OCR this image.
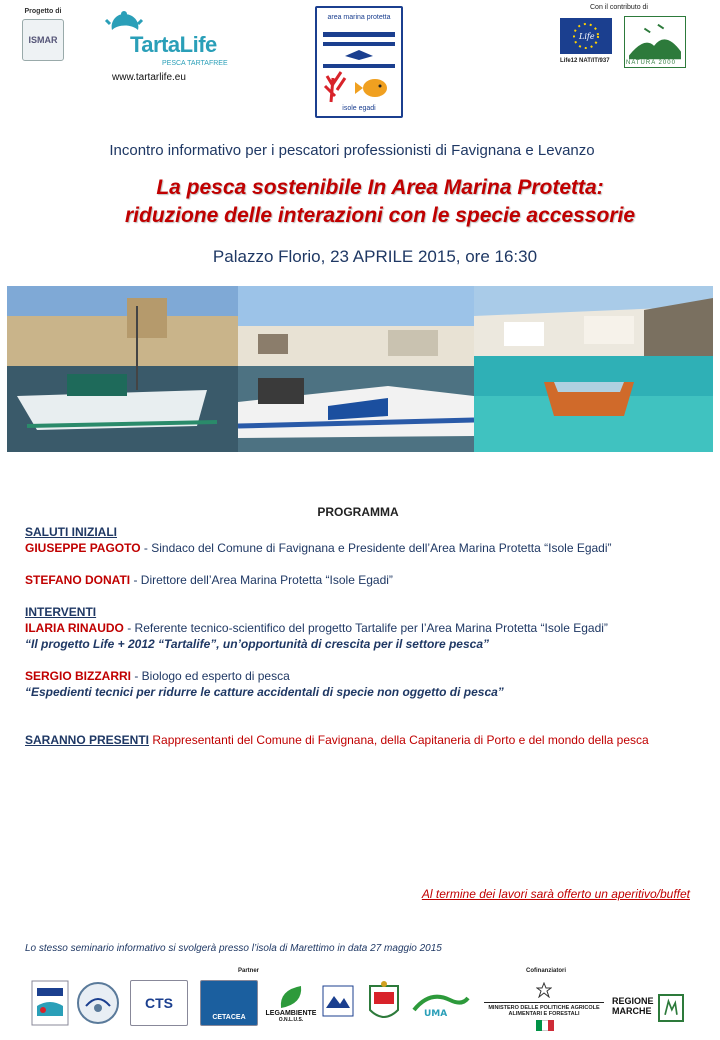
Progetto di
ISMAR	TartaLife
PESCA TARTAFREE
www.tartarlife.eu
area marina protetta
isole egadi
Con il contributo di
Life
Life12 NAT/IT/937	NATURA 2000
Incontro informativo per i pescatori professionisti di Favignana e Levanzo
La pesca sostenibile In Area Marina Protetta:
riduzione delle interazioni con le specie accessorie
Palazzo Florio, 23 APRILE 2015, ore 16:30
PROGRAMMA

SALUTI INIZIALI

GIUSEPPE PAGOTO - Sindaco del Comune di Favignana e Presidente dell’Area Marina Protetta “Isole Egadi”

STEFANO DONATI - Direttore dell’Area Marina Protetta “Isole Egadi”

INTERVENTI

ILARIA RINAUDO - Referente tecnico-scientifico del progetto Tartalife per l’Area Marina Protetta “Isole Egadi”

“Il progetto Life + 2012 “Tartalife”, un’opportunità di crescita per il settore pesca”

SERGIO BIZZARRI - Biologo ed esperto di pesca

“Espedienti tecnici per ridurre le catture accidentali di specie non oggetto di pesca”

SARANNO PRESENTI Rappresentanti del Comune di Favignana, della Capitaneria di Porto e del mondo della pesca

Al termine dei lavori sarà offerto un aperitivo/buffet
Lo stesso seminario informativo si svolgerà presso l’isola di Marettimo in data 27 maggio 2015
Partner	Cofinanziatori
CTS
CETACEA
LEGAMBIENTE
O.N.L.U.S.
UMA
MINISTERO DELLE POLITICHE AGRICOLE ALIMENTARI E FORESTALI
REGIONE MARCHE
